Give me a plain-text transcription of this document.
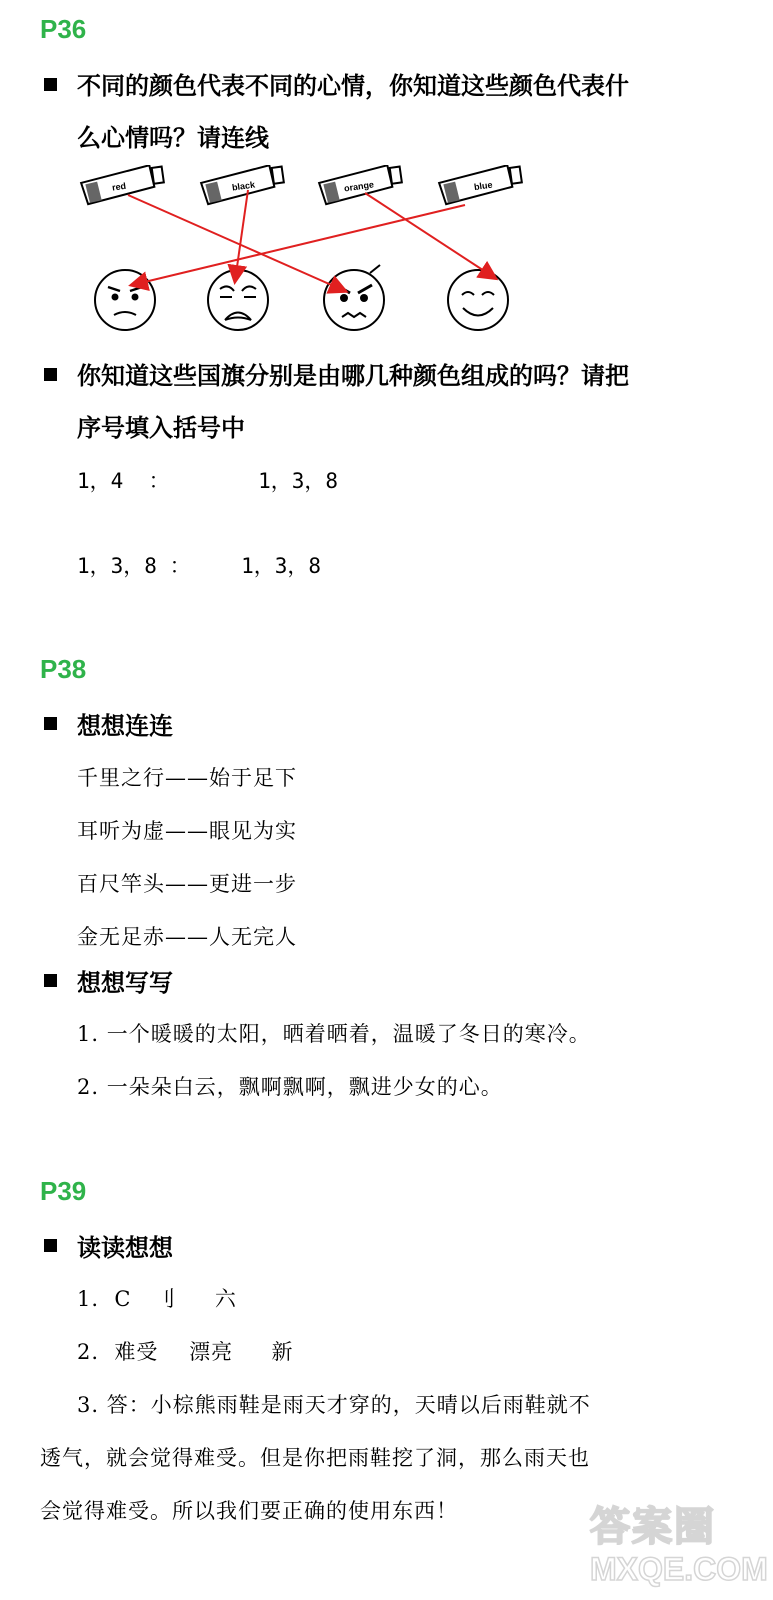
P36
不同的颜色代表不同的心情，你知道这些颜色代表什
么心情吗？请连线
red	black	orange	blue
你知道这些国旗分别是由哪几种颜色组成的吗？请把
序号填入括号中
1，4  ：       1，3，8
1，3，8 ：    1，3，8
P38
想想连连
千里之行——始于足下
耳听为虚——眼见为实
百尺竿头——更进一步
金无足赤——人无完人
想想写写
1. 一个暖暖的太阳，晒着晒着，温暖了冬日的寒冷。
2. 一朵朵白云，飘啊飘啊，飘进少女的心。
P39
读读想想
1.  C   刂     六
2.  难受    漂亮     新
3. 答：小棕熊雨鞋是雨天才穿的，天晴以后雨鞋就不
透气，就会觉得难受。但是你把雨鞋挖了洞，那么雨天也
会觉得难受。所以我们要正确的使用东西！	答案圈
MXQE.COM
